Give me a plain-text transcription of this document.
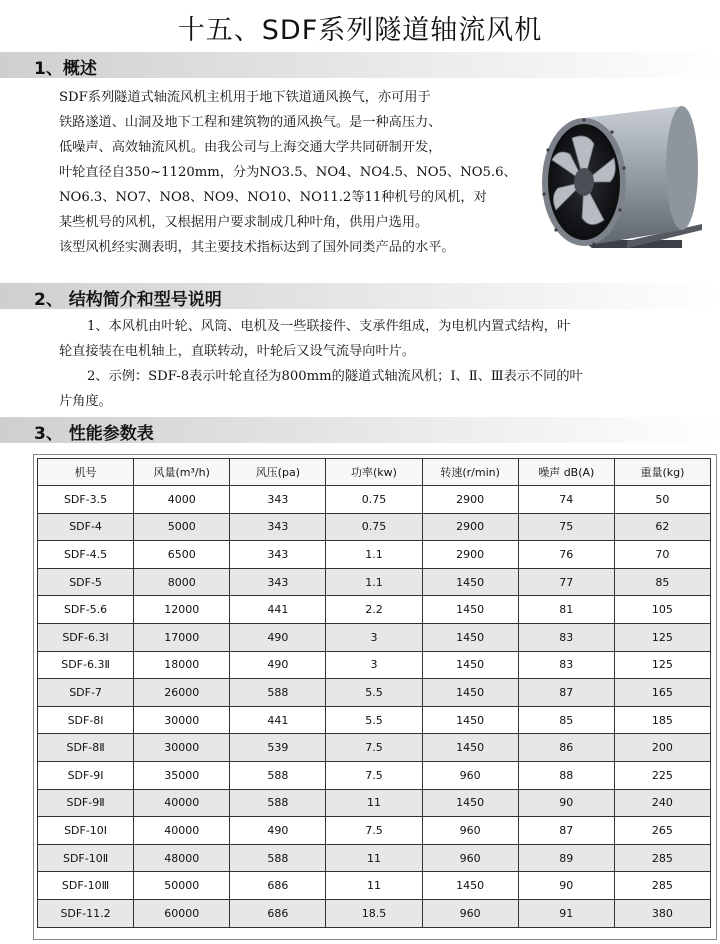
十五、SDF系列隧道轴流风机
1、概述
SDF系列隧道式轴流风机主机用于地下铁道通风换气，亦可用于
铁路遂道、山洞及地下工程和建筑物的通风换气。是一种高压力、
低噪声、高效轴流风机。由我公司与上海交通大学共同研制开发，
叶轮直径自350~1120mm，分为NO3.5、NO4、NO4.5、NO5、NO5.6、
NO6.3、NO7、NO8、NO9、NO10、NO11.2等11种机号的风机，对
某些机号的风机，又根据用户要求制成几种叶角，供用户选用。
该型风机经实测表明，其主要技术指标达到了国外同类产品的水平。
2、 结构简介和型号说明
1、本风机由叶轮、风筒、电机及一些联接件、支承件组成，为电机内置式结构，叶
轮直接装在电机轴上，直联转动，叶轮后又设气流导向叶片。
2、示例：SDF-8表示叶轮直径为800mm的隧道式轴流风机；Ⅰ、Ⅱ、Ⅲ表示不同的叶
片角度。
3、 性能参数表
机号	风量(m³/h)	风压(pa)	功率(kw)	转速(r/min)	噪声 dB(A)	重量(kg)
SDF-3.5	4000	343	0.75	2900	74	50
SDF-4	5000	343	0.75	2900	75	62
SDF-4.5	6500	343	1.1	2900	76	70
SDF-5	8000	343	1.1	1450	77	85
SDF-5.6	12000	441	2.2	1450	81	105
SDF-6.3Ⅰ	17000	490	3	1450	83	125
SDF-6.3Ⅱ	18000	490	3	1450	83	125
SDF-7	26000	588	5.5	1450	87	165
SDF-8Ⅰ	30000	441	5.5	1450	85	185
SDF-8Ⅱ	30000	539	7.5	1450	86	200
SDF-9Ⅰ	35000	588	7.5	960	88	225
SDF-9Ⅱ	40000	588	11	1450	90	240
SDF-10Ⅰ	40000	490	7.5	960	87	265
SDF-10Ⅱ	48000	588	11	960	89	285
SDF-10Ⅲ	50000	686	11	1450	90	285
SDF-11.2	60000	686	18.5	960	91	380
